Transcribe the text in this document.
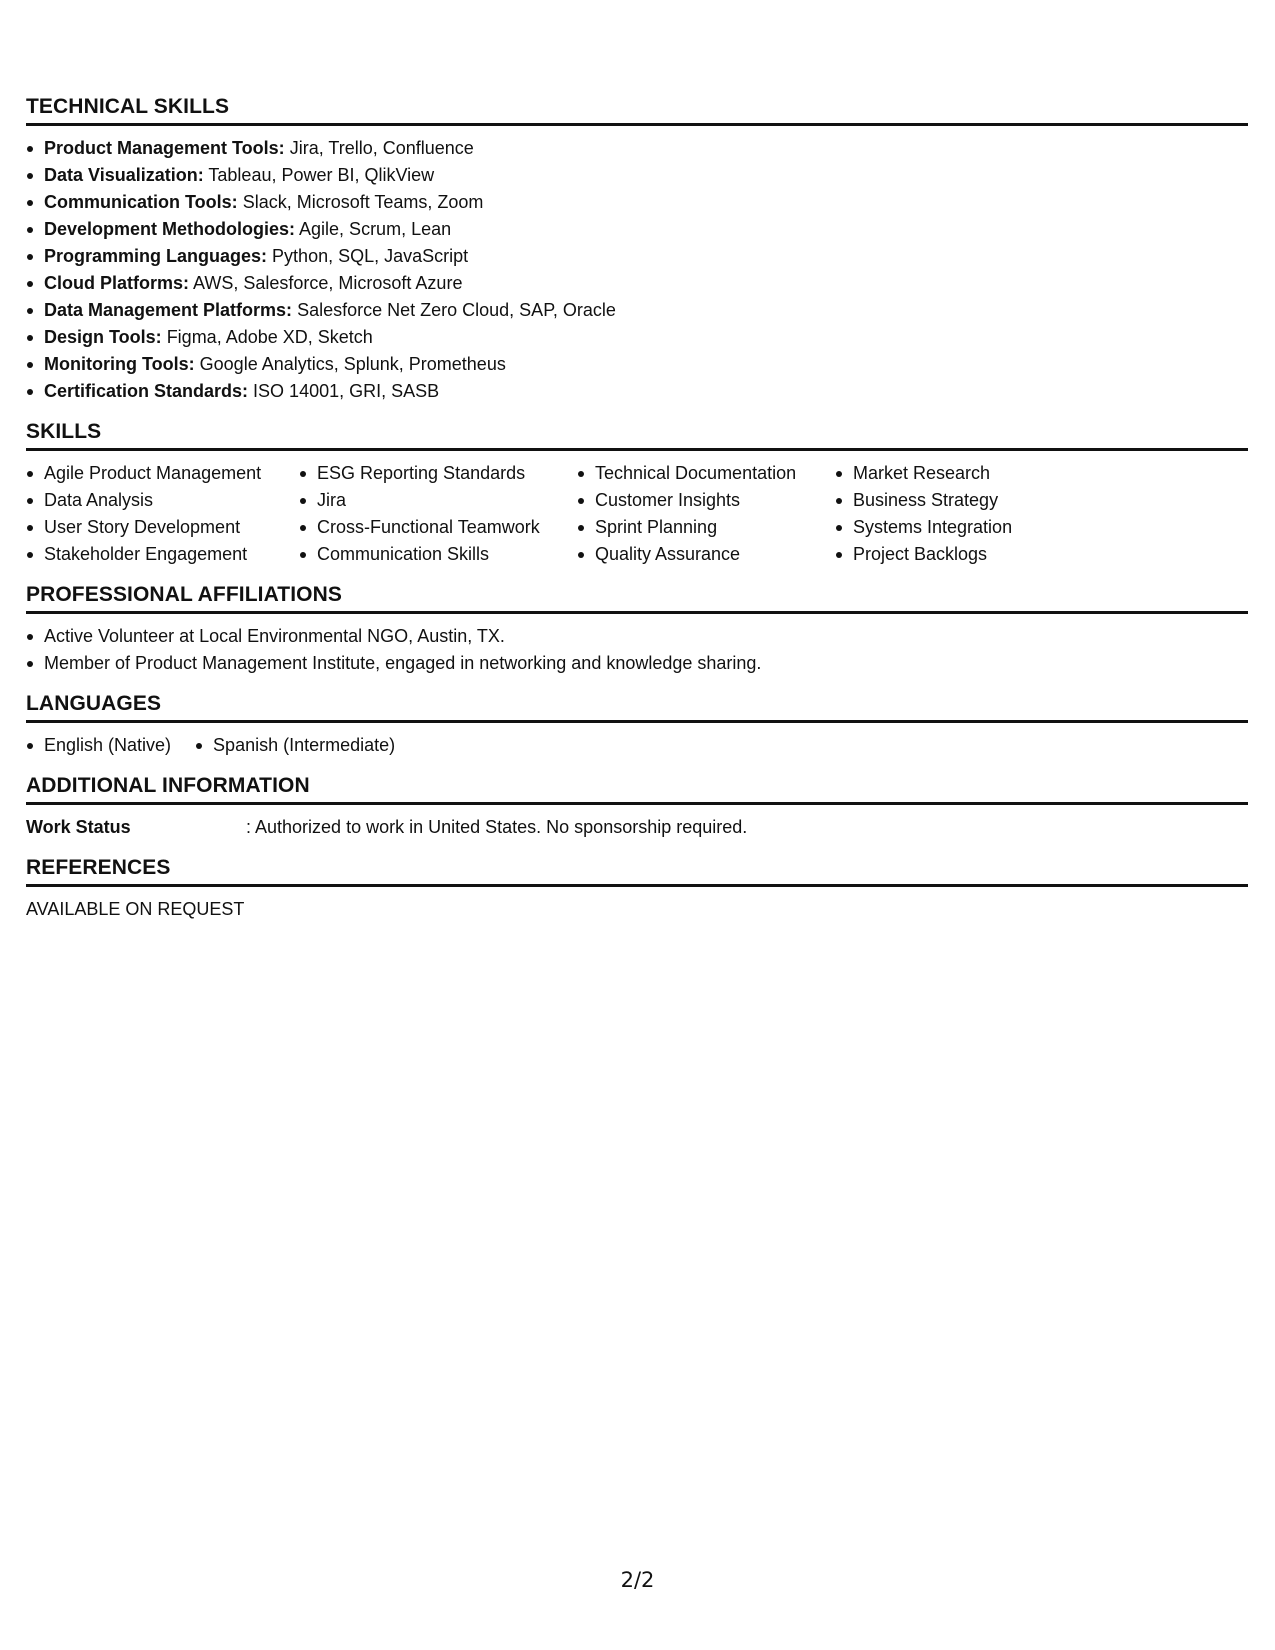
TECHNICAL SKILLS
Product Management Tools: Jira, Trello, Confluence
Data Visualization: Tableau, Power BI, QlikView
Communication Tools: Slack, Microsoft Teams, Zoom
Development Methodologies: Agile, Scrum, Lean
Programming Languages: Python, SQL, JavaScript
Cloud Platforms: AWS, Salesforce, Microsoft Azure
Data Management Platforms: Salesforce Net Zero Cloud, SAP, Oracle
Design Tools: Figma, Adobe XD, Sketch
Monitoring Tools: Google Analytics, Splunk, Prometheus
Certification Standards: ISO 14001, GRI, SASB
SKILLS
Agile Product Management
Data Analysis
User Story Development
Stakeholder Engagement
ESG Reporting Standards
Jira
Cross-Functional Teamwork
Communication Skills
Technical Documentation
Customer Insights
Sprint Planning
Quality Assurance
Market Research
Business Strategy
Systems Integration
Project Backlogs
PROFESSIONAL AFFILIATIONS
Active Volunteer at Local Environmental NGO, Austin, TX.
Member of Product Management Institute, engaged in networking and knowledge sharing.
LANGUAGES
English (Native)	Spanish (Intermediate)
ADDITIONAL INFORMATION
Work Status	: Authorized to work in United States. No sponsorship required.
REFERENCES
AVAILABLE ON REQUEST
2/2
